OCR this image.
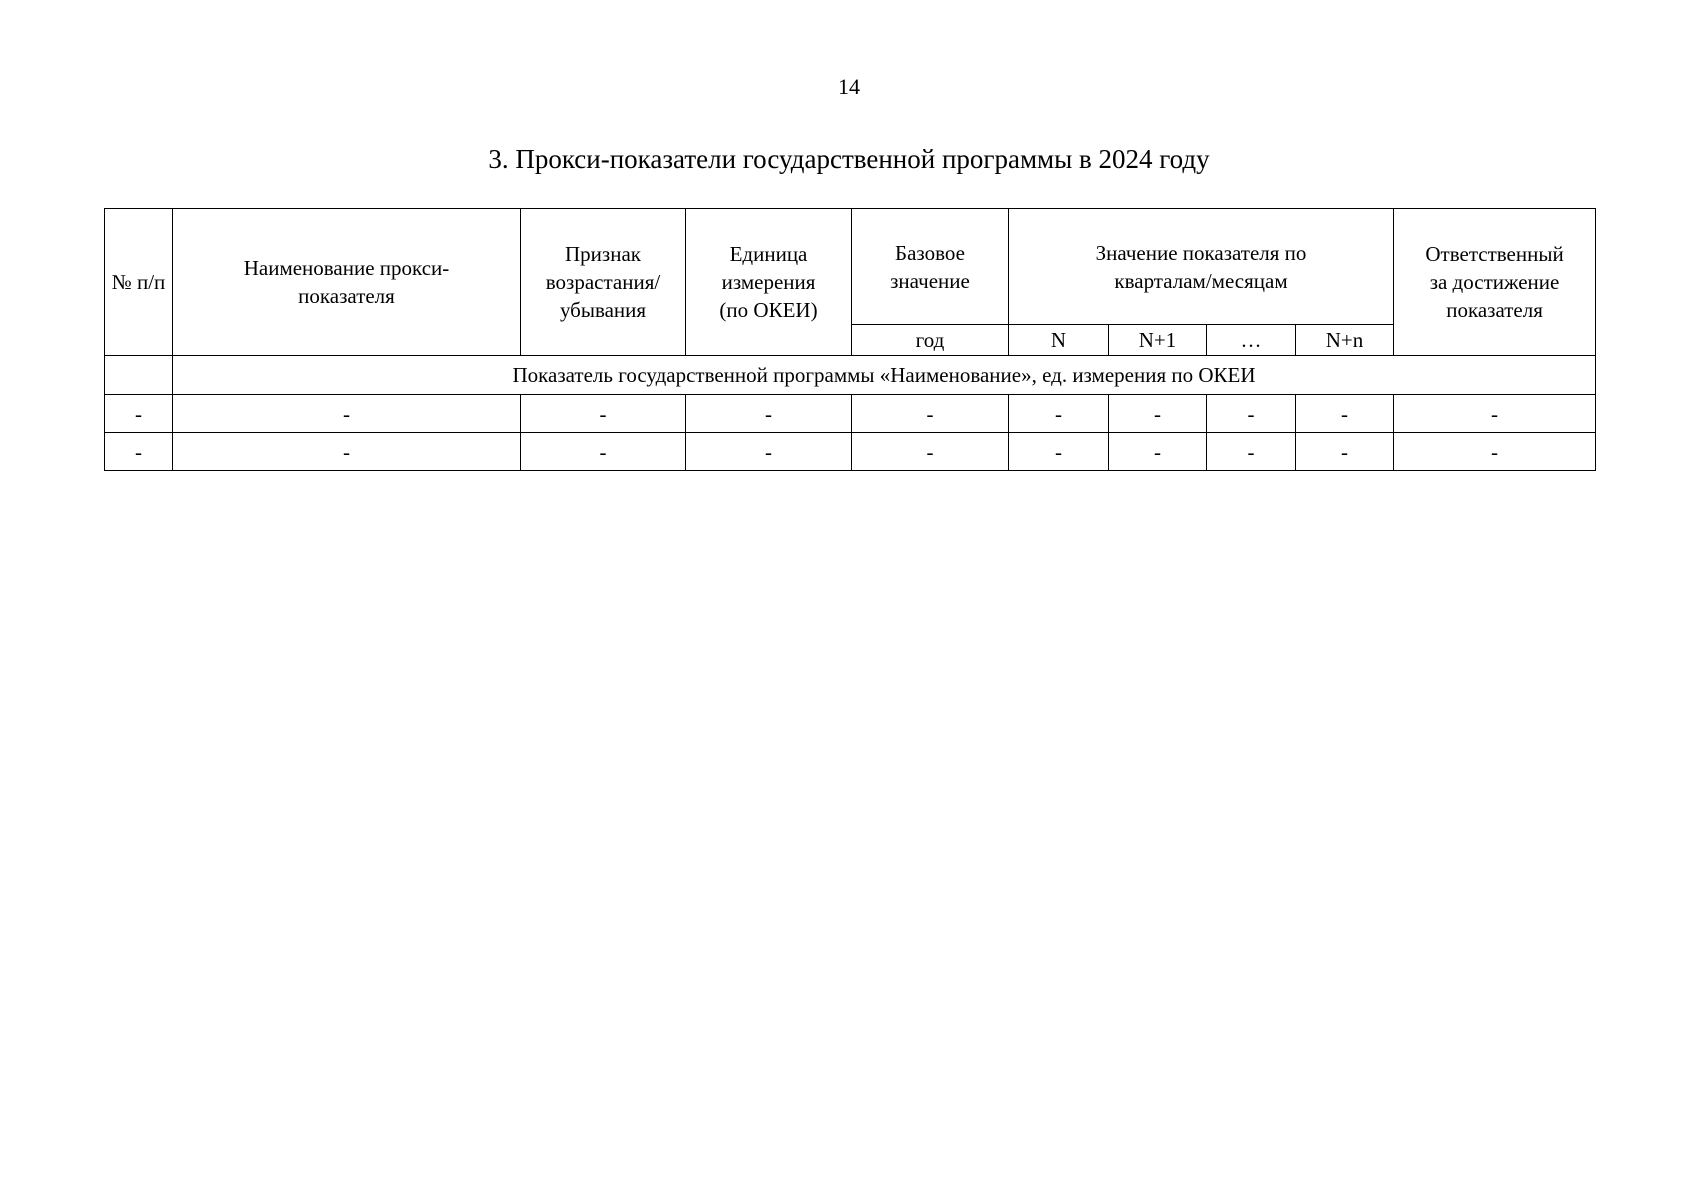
14
3. Прокси-показатели государственной программы в 2024 году
№ п/п	Наименование прокси-показателя	Признак возрастания/ убывания	Единица измерения (по ОКЕИ)	Базовое значение	Значение показателя по кварталам/месяцам				Ответственный за достижение показателя
				год	N	N+1	…	N+n	
	Показатель государственной программы «Наименование», ед. измерения по ОКЕИ								
-	-	-	-	-	-	-	-	-	-
-	-	-	-	-	-	-	-	-	-
